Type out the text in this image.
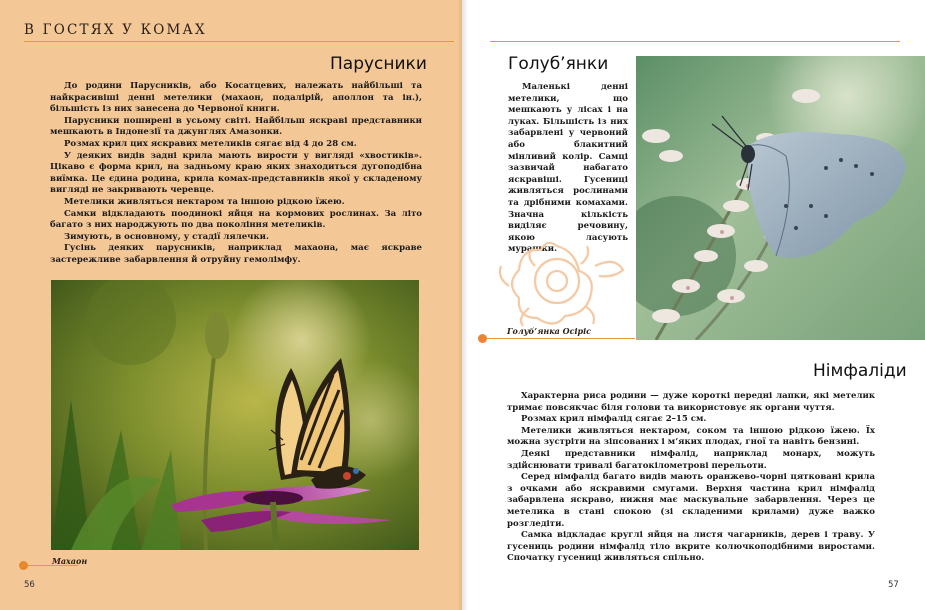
В ГОСТЯХ У КОМАХ
Парусники

До родини Парусників, або Косатцевих, належать найбільші та найкрасивіші денні метелики (махаон, подалірій, аполлон та ін.), більшість із них занесена до Червоної книги.

Парусники поширені в усьому світі. Найбільш яскраві представники мешкають в Індонезії та джунглях Амазонки.

Розмах крил цих яскравих метеликів сягає від 4 до 28 см.

У деяких видів задні крила мають вирости у вигляді «хвостиків». Цікаво є форма крил, на задньому краю яких знаходиться дугоподібна виїмка. Це єдина родина, крила комах-представників якої у складеному вигляді не закривають черевце.

Метелики живляться нектаром та іншою рідкою їжею.

Самки відкладають поодинокі яйця на кормових рослинах. За літо багато з них народжують по два покоління метеликів.

Зимують, в основному, у стадії лялечки.

Гусінь деяких парусників, наприклад махаона, має яскраве застережливе забарвлення й отруйну гемолімфу.

Махаон
56
Голуб’янки

Маленькі денні метелики, що мешкають у лісах і на луках. Більшість із них забарвлені у червоний або блакитний мінливий колір. Самці зазвичай набагато яскравіші. Гусениці живляться рослинами та дрібними комахами. Значна кількість виділяє речовину, якою ласують мурашки.

Голуб’янка Осіріс
Німфаліди

Характерна риса родини — дуже короткі передні лапки, які метелик тримає повсякчас біля голови та використовує як органи чуття.

Розмах крил німфалід сягає 2–15 см.

Метелики живляться нектаром, соком та іншою рідкою їжею. Їх можна зустріти на зіпсованих і м’яких плодах, гної та навіть бензині.

Деякі представники німфалід, наприклад монарх, можуть здійснювати тривалі багатокілометрові перельоти.

Серед німфалід багато видів мають оранжево-чорні цятковані крила з очками або яскравими смугами. Верхня частина крил німфалід забарвлена яскраво, нижня має маскувальне забарвлення. Через це метелика в стані спокою (зі складеними крилами) дуже важко розгледіти.

Самка відкладає круглі яйця на листя чагарників, дерев і траву. У гусениць родини німфалід тіло вкрите колючкоподібними виростами. Спочатку гусениці живляться спільно.

57
